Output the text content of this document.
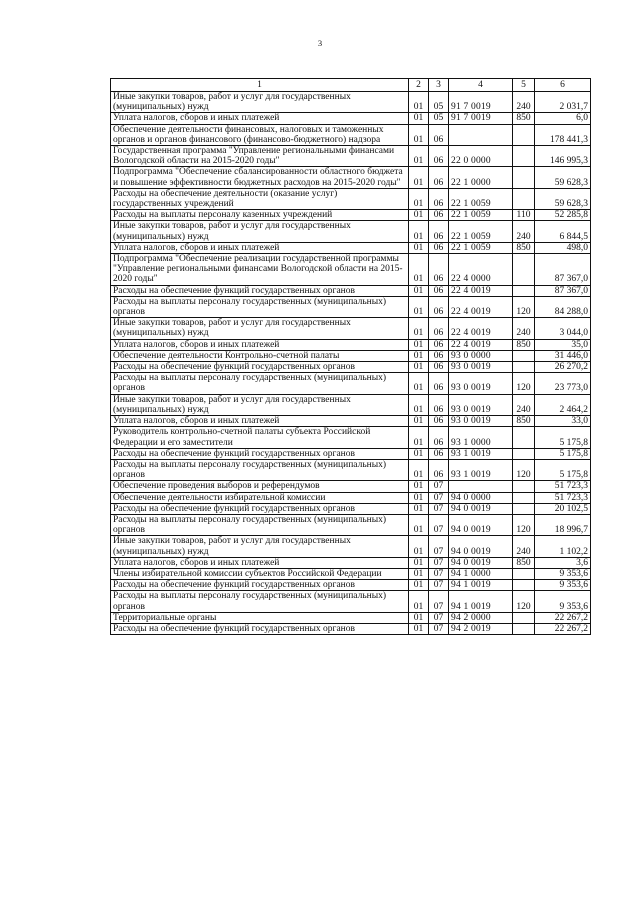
3
1	2	3	4	5	6
Иные закупки товаров, работ и услуг для государственных (муниципальных) нужд	01	05	91 7 0019	240	2 031,7
Уплата налогов, сборов и иных платежей	01	05	91 7 0019	850	6,0
Обеспечение деятельности финансовых, налоговых и таможенных органов и органов финансового (финансово-бюджетного) надзора	01	06			178 441,3
Государственная программа "Управление региональными финансами Вологодской области на 2015-2020 годы"	01	06	22 0 0000		146 995,3
Подпрограмма "Обеспечение сбалансированности областного бюджета и повышение эффективности бюджетных расходов на 2015-2020 годы"	01	06	22 1 0000		59 628,3
Расходы на обеспечение деятельности (оказание услуг) государственных учреждений	01	06	22 1 0059		59 628,3
Расходы на выплаты персоналу казенных учреждений	01	06	22 1 0059	110	52 285,8
Иные закупки товаров, работ и услуг для государственных (муниципальных) нужд	01	06	22 1 0059	240	6 844,5
Уплата налогов, сборов и иных платежей	01	06	22 1 0059	850	498,0
Подпрограмма "Обеспечение реализации государственной программы "Управление региональными финансами Вологодской области на 2015-2020 годы"	01	06	22 4 0000		87 367,0
Расходы на обеспечение функций государственных органов	01	06	22 4 0019		87 367,0
Расходы на выплаты персоналу государственных (муниципальных) органов	01	06	22 4 0019	120	84 288,0
Иные закупки товаров, работ и услуг для государственных (муниципальных) нужд	01	06	22 4 0019	240	3 044,0
Уплата налогов, сборов и иных платежей	01	06	22 4 0019	850	35,0
Обеспечение деятельности Контрольно-счетной палаты	01	06	93 0 0000		31 446,0
Расходы на обеспечение функций государственных органов	01	06	93 0 0019		26 270,2
Расходы на выплаты персоналу государственных (муниципальных) органов	01	06	93 0 0019	120	23 773,0
Иные закупки товаров, работ и услуг для государственных (муниципальных) нужд	01	06	93 0 0019	240	2 464,2
Уплата налогов, сборов и иных платежей	01	06	93 0 0019	850	33,0
Руководитель контрольно-счетной палаты субъекта Российской Федерации и его заместители	01	06	93 1 0000		5 175,8
Расходы на обеспечение функций государственных органов	01	06	93 1 0019		5 175,8
Расходы на выплаты персоналу государственных (муниципальных) органов	01	06	93 1 0019	120	5 175,8
Обеспечение проведения выборов и референдумов	01	07			51 723,3
Обеспечение деятельности избирательной комиссии	01	07	94 0 0000		51 723,3
Расходы на обеспечение функций государственных органов	01	07	94 0 0019		20 102,5
Расходы на выплаты персоналу государственных (муниципальных) органов	01	07	94 0 0019	120	18 996,7
Иные закупки товаров, работ и услуг для государственных (муниципальных) нужд	01	07	94 0 0019	240	1 102,2
Уплата налогов, сборов и иных платежей	01	07	94 0 0019	850	3,6
Члены избирательной комиссии субъектов Российской Федерации	01	07	94 1 0000		9 353,6
Расходы на обеспечение функций государственных органов	01	07	94 1 0019		9 353,6
Расходы на выплаты персоналу государственных (муниципальных) органов	01	07	94 1 0019	120	9 353,6
Территориальные органы	01	07	94 2 0000		22 267,2
Расходы на обеспечение функций государственных органов	01	07	94 2 0019		22 267,2
